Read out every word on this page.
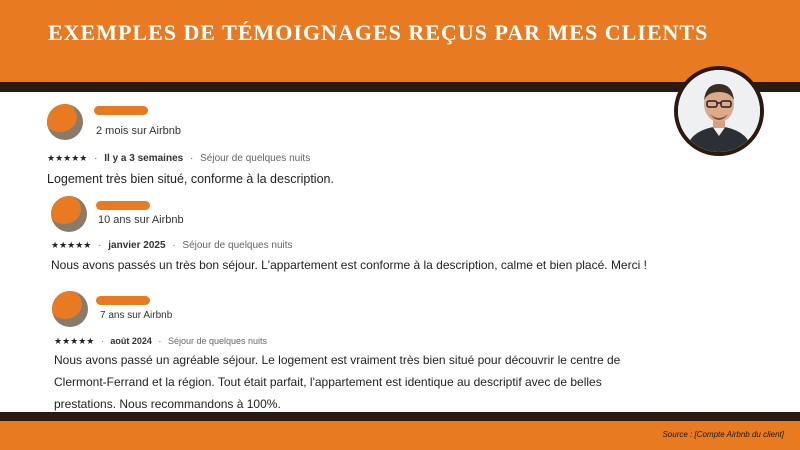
EXEMPLES DE TÉMOIGNAGES REÇUS PAR MES CLIENTS
2 mois sur Airbnb
★★★★★ · Il y a 3 semaines · Séjour de quelques nuits
Logement très bien situé, conforme à la description.
10 ans sur Airbnb
★★★★★ · janvier 2025 · Séjour de quelques nuits
Nous avons passés un très bon séjour. L'appartement est conforme à la description, calme et bien placé. Merci !
7 ans sur Airbnb
★★★★★ · août 2024 · Séjour de quelques nuits
Nous avons passé un agréable séjour. Le logement est vraiment très bien situé pour découvrir le centre de
Clermont-Ferrand et la région. Tout était parfait, l'appartement est identique au descriptif avec de belles
prestations. Nous recommandons à 100%.
Source : [Compte Airbnb du client]
